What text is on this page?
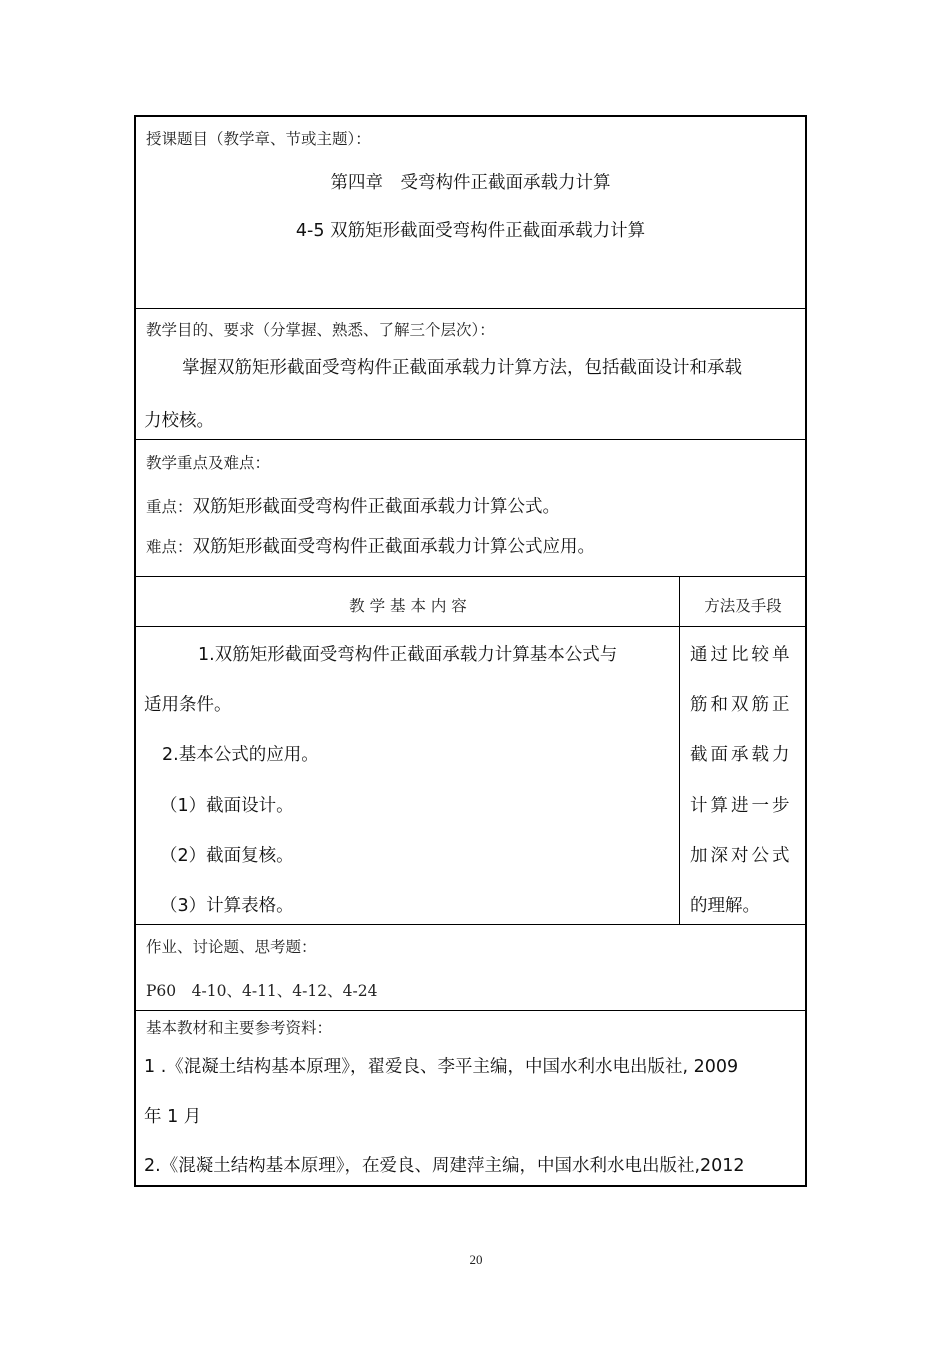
授课题目（教学章、节或主题）：
第四章　受弯构件正截面承载力计算
4-5 双筋矩形截面受弯构件正截面承载力计算
教学目的、要求（分掌握、熟悉、了解三个层次）：
掌握双筋矩形截面受弯构件正截面承载力计算方法，包括截面设计和承载
力校核。
教学重点及难点：
重点：双筋矩形截面受弯构件正截面承载力计算公式。
难点：双筋矩形截面受弯构件正截面承载力计算公式应用。
教 学 基 本 内 容	方法及手段
1.双筋矩形截面受弯构件正截面承载力计算基本公式与
适用条件。
2.基本公式的应用。
（1）截面设计。
（2）截面复核。
（3）计算表格。
通过比较单
筋和双筋正
截面承载力
计算进一步
加深对公式
的理解。
作业、讨论题、思考题：
P60　4-10、4-11、4-12、4-24
基本教材和主要参考资料：
1 .《混凝土结构基本原理》，翟爱良、李平主编，中国水利水电出版社, 2009
年 1 月
2.《混凝土结构基本原理》，在爱良、周建萍主编，中国水利水电出版社,2012
20
